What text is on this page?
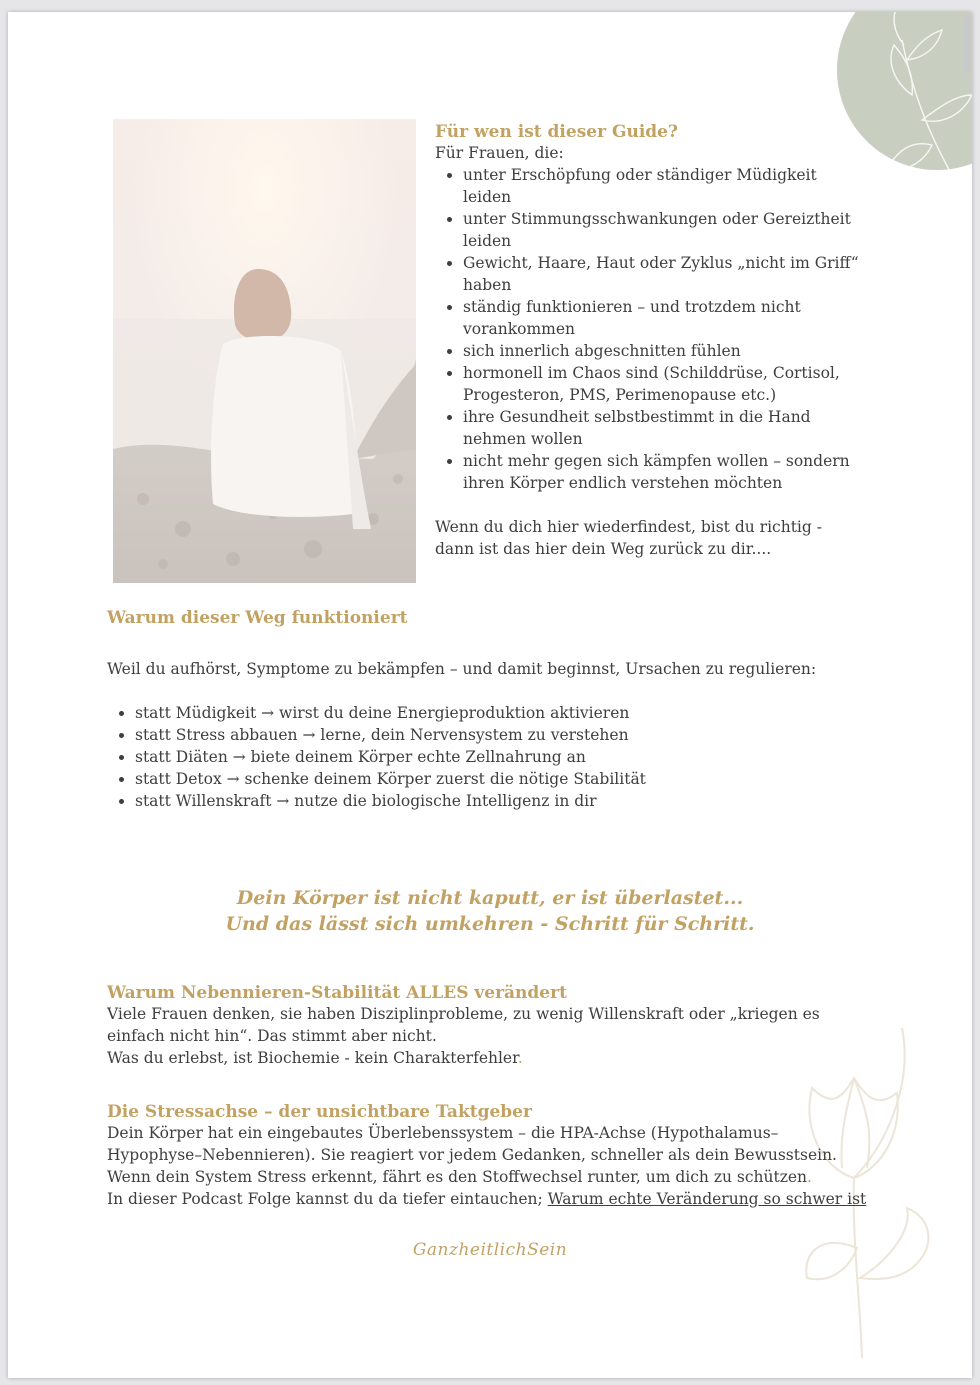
Für wen ist dieser Guide?

Für Frauen, die:

• unter Erschöpfung oder ständiger Müdigkeit leiden
• unter Stimmungsschwankungen oder Gereiztheit leiden
• Gewicht, Haare, Haut oder Zyklus „nicht im Griff“ haben
• ständig funktionieren – und trotzdem nicht vorankommen
• sich innerlich abgeschnitten fühlen
• hormonell im Chaos sind (Schilddrüse, Cortisol, Progesteron, PMS, Perimenopause etc.)
• ihre Gesundheit selbstbestimmt in die Hand nehmen wollen
• nicht mehr gegen sich kämpfen wollen – sondern ihren Körper endlich verstehen möchten

Wenn du dich hier wiederfindest, bist du richtig - dann ist das hier dein Weg zurück zu dir....

Warum dieser Weg funktioniert

Weil du aufhörst, Symptome zu bekämpfen – und damit beginnst, Ursachen zu regulieren:

• statt Müdigkeit → wirst du deine Energieproduktion aktivieren
• statt Stress abbauen → lerne, dein Nervensystem zu verstehen
• statt Diäten → biete deinem Körper echte Zellnahrung an
• statt Detox → schenke deinem Körper zuerst die nötige Stabilität
• statt Willenskraft → nutze die biologische Intelligenz in dir
Dein Körper ist nicht kaputt, er ist überlastet...
Und das lässt sich umkehren - Schritt für Schritt.
Warum Nebennieren-Stabilität ALLES verändert

Viele Frauen denken, sie haben Disziplinprobleme, zu wenig Willenskraft oder „kriegen es einfach nicht hin“. Das stimmt aber nicht.

Was du erlebst, ist Biochemie - kein Charakterfehler.

Die Stressachse – der unsichtbare Taktgeber

Dein Körper hat ein eingebautes Überlebenssystem – die HPA-Achse (Hypothalamus–Hypophyse–Nebennieren). Sie reagiert vor jedem Gedanken, schneller als dein Bewusstsein.

Wenn dein System Stress erkennt, fährt es den Stoffwechsel runter, um dich zu schützen.

In dieser Podcast Folge kannst du da tiefer eintauchen; Warum echte Veränderung so schwer ist

GanzheitlichSein
